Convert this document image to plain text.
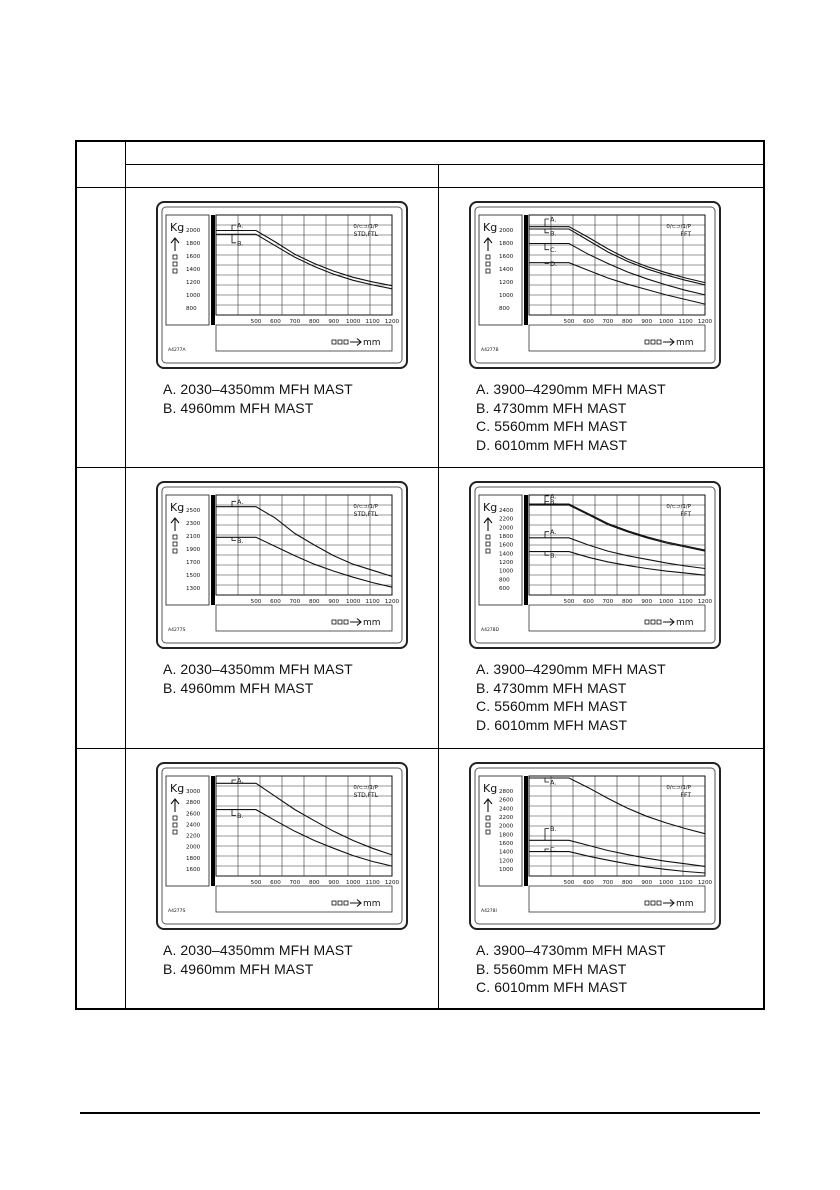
Kg 2000
1800
1600
1400
1200
1000
800
A.
B.
0/⊂⊃/1/P
STD,FTL
500 600 700 800 900 1000 1100 1200
mm
A4277A
A. 2030–4350mm MFH MAST
B. 4960mm MFH MAST
Kg 2000
1800
1600
1400
1200
1000
800
A.
B.
C.
D.
0/⊂⊃/1/P
FFT
500 600 700 800 900 1000 1100 1200
mm
A4277B
A. 3900–4290mm MFH MAST
B. 4730mm MFH MAST
C. 5560mm MFH MAST
D. 6010mm MFH MAST
Kg 2500
2300
2100
1900
1700
1500
1300
A.
B.
0/⊂⊃/1/P
STD,FTL
500 600 700 800 900 1000 1100 1200
mm
A4277S
A. 2030–4350mm MFH MAST
B. 4960mm MFH MAST
Kg 2400
2200
2000
1800
1600
1400
1200
1000
800
600
A.
B.
A.
B.
0/⊂⊃/1/P
FFT
500 600 700 800 900 1000 1100 1200
mm
A4278D
A. 3900–4290mm MFH MAST
B. 4730mm MFH MAST
C. 5560mm MFH MAST
D. 6010mm MFH MAST
Kg 3000
2800
2600
2400
2200
2000
1800
1600
A.
B.
0/⊂⊃/1/P
STD,FTL
500 600 700 800 900 1000 1100 1200
mm
A4277S
A. 2030–4350mm MFH MAST
B. 4960mm MFH MAST
Kg 2800
2600
2400
2200
2000
1800
1600
1400
1200
1000
A.
B.
C.
0/⊂⊃/1/P
FFT
500 600 700 800 900 1000 1100 1200
mm
A4278I
A. 3900–4730mm MFH MAST
B. 5560mm MFH MAST
C. 6010mm MFH MAST
